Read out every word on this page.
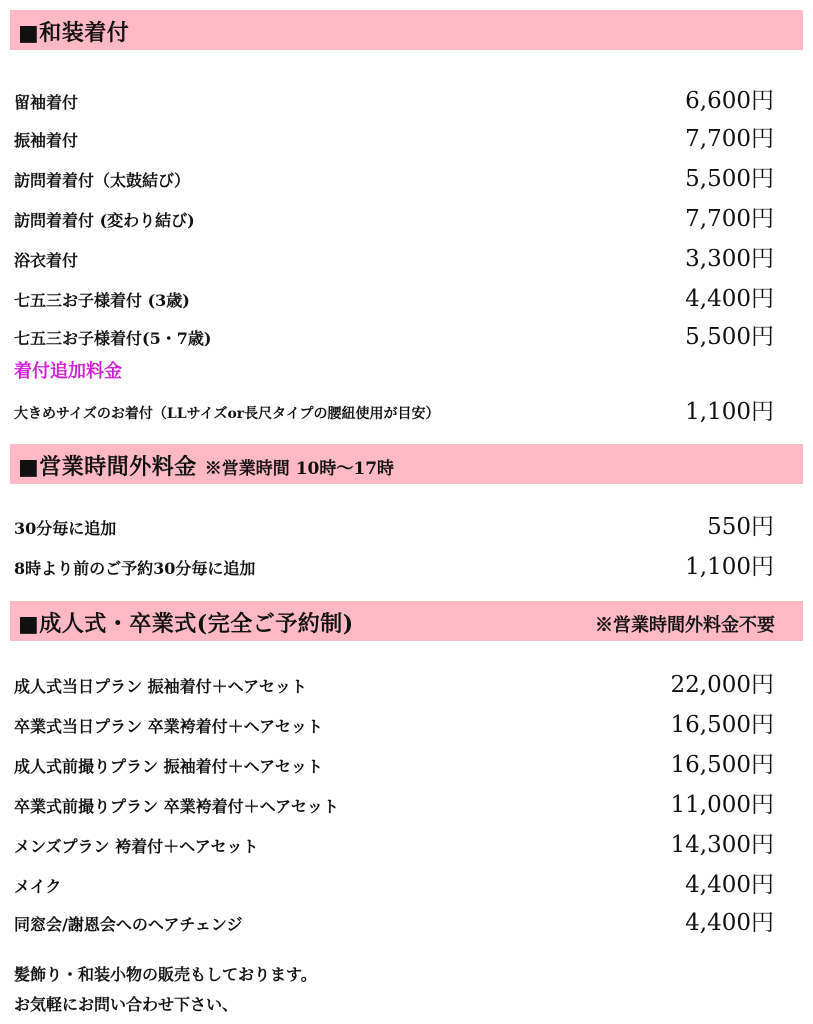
■和装着付
留袖着付	6,600円
振袖着付	7,700円
訪問着着付（太鼓結び）	5,500円
訪問着着付 (変わり結び)	7,700円
浴衣着付	3,300円
七五三お子様着付 (3歳)	4,400円
七五三お子様着付(5・7歳)	5,500円
着付追加料金
大きめサイズのお着付（LLサイズor長尺タイプの腰紐使用が目安）	1,100円
■営業時間外料金 ※営業時間 10時〜17時
30分毎に追加	550円
8時より前のご予約30分毎に追加	1,100円
■成人式・卒業式(完全ご予約制)	※営業時間外料金不要
成人式当日プラン 振袖着付＋ヘアセット	22,000円
卒業式当日プラン 卒業袴着付＋ヘアセット	16,500円
成人式前撮りプラン 振袖着付＋ヘアセット	16,500円
卒業式前撮りプラン 卒業袴着付＋ヘアセット	11,000円
メンズプラン 袴着付＋ヘアセット	14,300円
メイク	4,400円
同窓会/謝恩会へのヘアチェンジ	4,400円
髪飾り・和装小物の販売もしております。
お気軽にお問い合わせ下さい、
